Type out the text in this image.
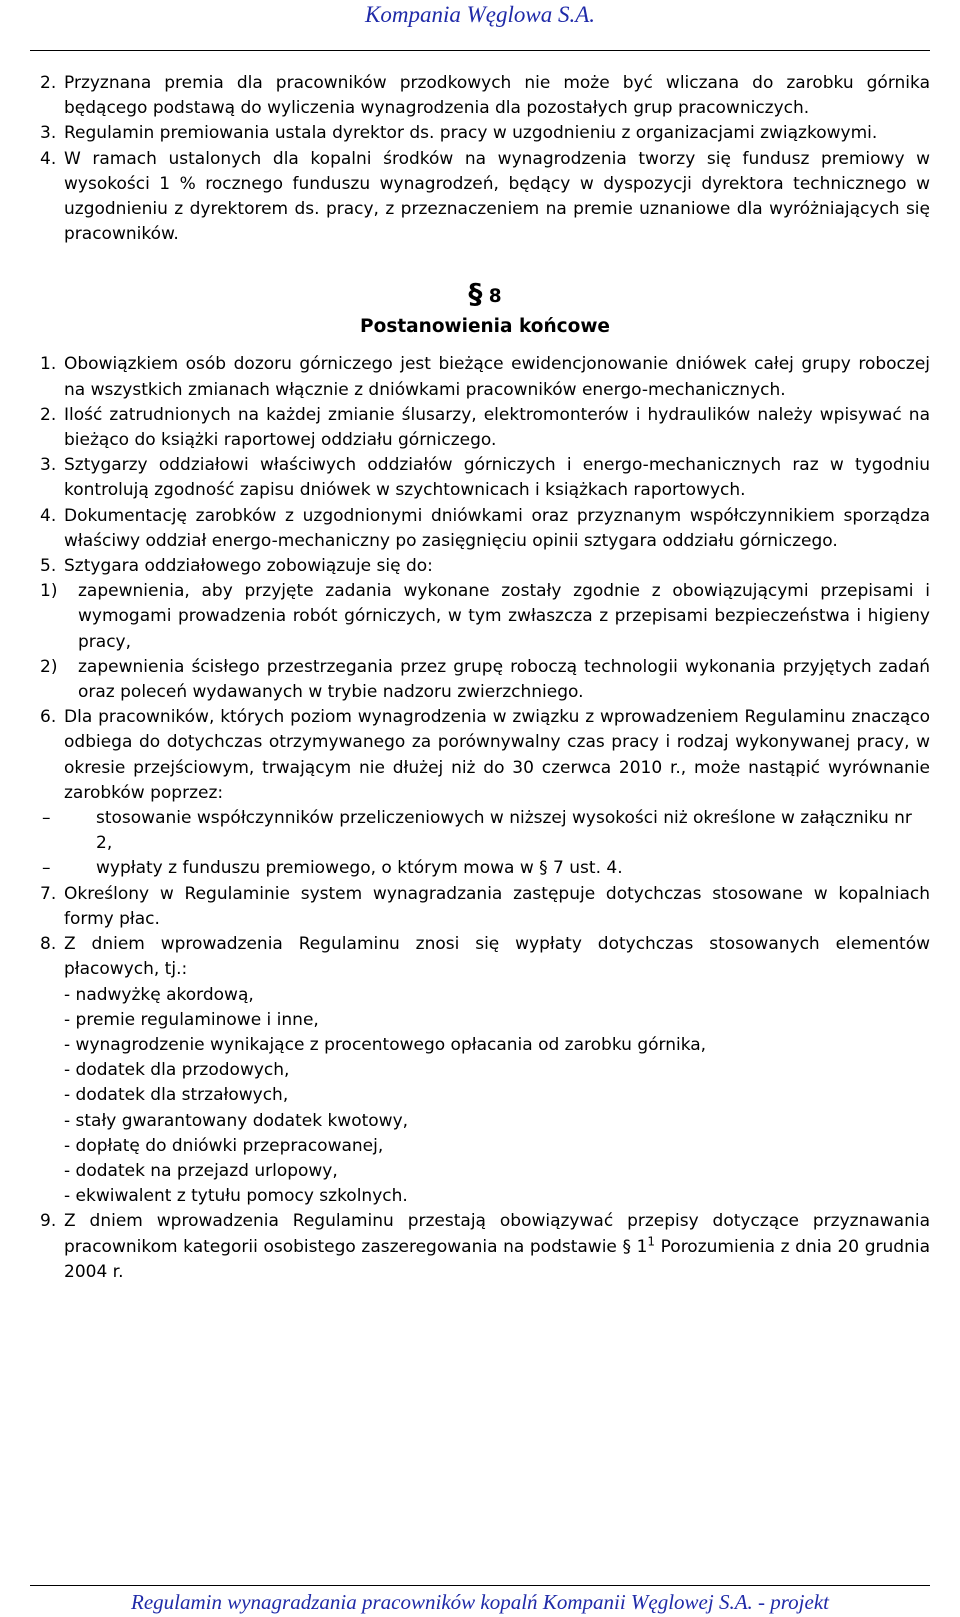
Kompania Węglowa S.A.
2. Przyznana premia dla pracowników przodkowych nie może być wliczana do zarobku górnika będącego podstawą do wyliczenia wynagrodzenia dla pozostałych grup pracowniczych.
3. Regulamin premiowania ustala dyrektor ds. pracy w uzgodnieniu z organizacjami związkowymi.
4. W ramach ustalonych dla kopalni środków na wynagrodzenia tworzy się fundusz premiowy w wysokości 1 % rocznego funduszu wynagrodzeń, będący w dyspozycji dyrektora technicznego w uzgodnieniu z dyrektorem ds. pracy, z przeznaczeniem na premie uznaniowe dla wyróżniających się pracowników.
§ 8
Postanowienia końcowe
1. Obowiązkiem osób dozoru górniczego jest bieżące ewidencjonowanie dniówek całej grupy roboczej na wszystkich zmianach włącznie z dniówkami pracowników energo-mechanicznych.
2. Ilość zatrudnionych na każdej zmianie ślusarzy, elektromonterów i hydraulików należy wpisywać na bieżąco do książki raportowej oddziału górniczego.
3. Sztygarzy oddziałowi właściwych oddziałów górniczych i energo-mechanicznych raz w tygodniu kontrolują zgodność zapisu dniówek w szychtownicach i książkach raportowych.
4. Dokumentację zarobków z uzgodnionymi dniówkami oraz przyznanym współczynnikiem sporządza właściwy oddział energo-mechaniczny po zasięgnięciu opinii sztygara oddziału górniczego.
5. Sztygara oddziałowego zobowiązuje się do:
1)	zapewnienia, aby przyjęte zadania wykonane zostały zgodnie z obowiązującymi przepisami i wymogami prowadzenia robót górniczych, w tym zwłaszcza z przepisami bezpieczeństwa i higieny pracy,
2)	zapewnienia ścisłego przestrzegania przez grupę roboczą technologii wykonania przyjętych zadań oraz poleceń wydawanych w trybie nadzoru zwierzchniego.
6. Dla pracowników, których poziom wynagrodzenia w związku z wprowadzeniem Regulaminu znacząco odbiega do dotychczas otrzymywanego za porównywalny czas pracy i rodzaj wykonywanej pracy, w okresie przejściowym, trwającym nie dłużej niż do 30 czerwca 2010 r., może nastąpić wyrównanie zarobków poprzez:
–	stosowanie współczynników przeliczeniowych w niższej wysokości niż określone w załączniku nr 2,
–	wypłaty z funduszu premiowego, o którym mowa w § 7 ust. 4.
7. Określony w Regulaminie system wynagradzania zastępuje dotychczas stosowane w kopalniach formy płac.
8. Z dniem wprowadzenia Regulaminu znosi się wypłaty dotychczas stosowanych elementów płacowych, tj.:
- nadwyżkę akordową,
- premie regulaminowe i inne,
- wynagrodzenie wynikające z procentowego opłacania od zarobku górnika,
- dodatek dla przodowych,
- dodatek dla strzałowych,
- stały gwarantowany dodatek kwotowy,
- dopłatę do dniówki przepracowanej,
- dodatek na przejazd urlopowy,
- ekwiwalent z tytułu pomocy szkolnych.
9. Z dniem wprowadzenia Regulaminu przestają obowiązywać przepisy dotyczące przyznawania pracownikom kategorii osobistego zaszeregowania na podstawie § $1^1$ Porozumienia z dnia 20 grudnia 2004 r.
Regulamin wynagradzania pracowników kopalń Kompanii Węglowej S.A. - projekt
